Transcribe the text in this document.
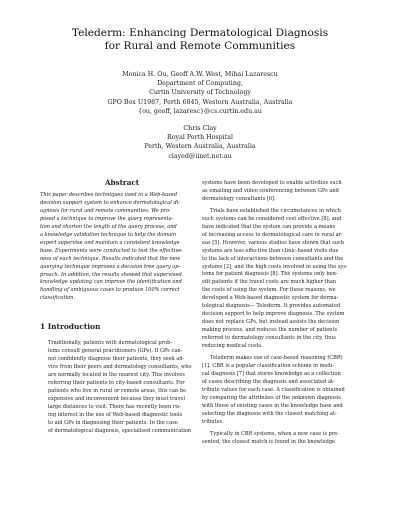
Telederm: Enhancing Dermatological Diagnosis
for Rural and Remote Communities
Monica H. Ou, Geoff A.W. West, Mihai Lazarescu
Department of Computing,
Curtin University of Technology
GPO Box U1987, Perth 6845, Western Australia, Australia
{ou, geoff, lazaresc}@cs.curtin.edu.au
Chris Clay
Royal Perth Hospital
Perth, Western Australia, Australia
clayed@iinet.net.au
Abstract
This paper describes techniques used in a Web-based
decision support system to enhance dermatological di-
agnosis for rural and remote communities. We pro-
posed a technique to improve the query representa-
tion and shorten the length of the query process, and
a knowledge validation technique to help the domain
expert supervise and maintain a consistent knowledge
base. Experiments were conducted to test the effective-
ness of each technique. Results indicated that the new
querying technique improves a decision tree query ap-
proach. In addition, the results showed that supervised
knowledge updating can improve the identification and
handling of ambiguous cases to produce 100% correct
classification.
1 Introduction
Traditionally, patients with dermatological prob-
lems consult general practitioners (GPs). If GPs can-
not confidently diagnose their patients, they seek ad-
vice from their peers and dermatology consultants, who
are normally located in the nearest city. This involves
referring their patients to city-based consultants. For
patients who live in rural or remote areas, this can be
expensive and inconvenient because they must travel
large distances to visit. There has recently been ris-
ing interest in the use of Web-based diagnostic tools
to aid GPs in diagnosing their patients. In the case
of dermatological diagnosis, specialised communication
systems have been developed to enable activities such
as emailing and video conferencing between GPs and
dermatology consultants [6].
Trials have established the circumstances in which
such systems can be considered cost effective [8], and
have indicated that the system can provide a means
of increasing access to dermatological care in rural ar-
eas [5]. However, various studies have shown that such
systems are less effective than clinic-based visits due
to the lack of interactions between consultants and the
systems [2], and the high costs involved in using the sys-
tems for patient diagnosis [8]. The systems only ben-
efit patients if the travel costs are much higher than
the costs of using the system. For these reasons, we
developed a Web-based diagnostic system for derma-
tological diagnosis— Telederm. It provides automated
decision support to help improve diagnosis. The system
does not replace GPs, but instead assists the decision
making process, and reduces the number of patients
referred to dermatology consultants in the city, thus
reducing medical costs.
Telederm makes use of case-based reasoning (CBR)
[1]. CBR is a popular classification scheme in medi-
cal diagnosis [7] that stores knowledge as a collection
of cases describing the diagnosis and associated at-
tribute values for each case. A classification is obtained
by comparing the attributes of the unknown diagnosis
with those of existing cases in the knowledge base and
selecting the diagnosis with the closest matching at-
tributes.
Typically in CBR systems, when a new case is pre-
sented, the closest match is found in the knowledge
